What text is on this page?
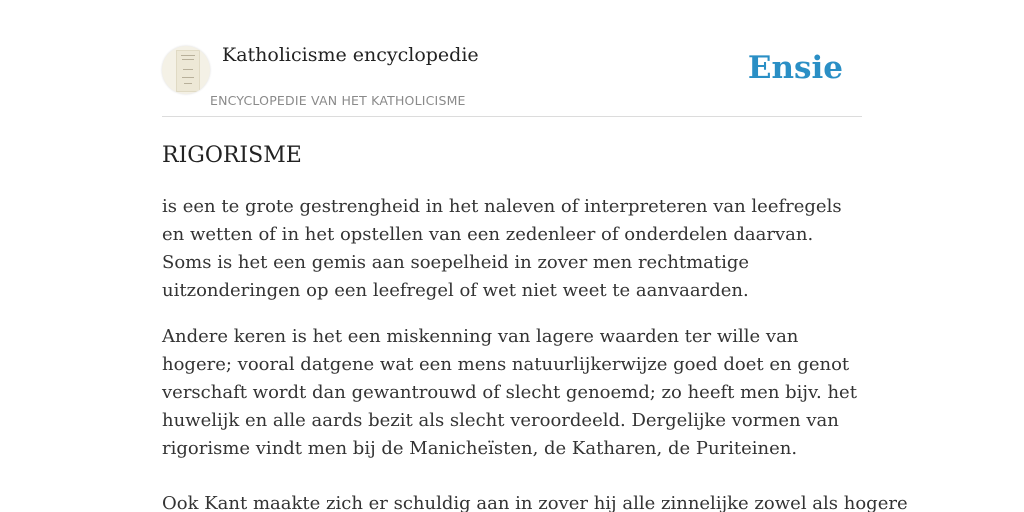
Katholicisme encyclopedie
ENCYCLOPEDIE VAN HET KATHOLICISME
Ensie
RIGORISME

is een te grote gestrengheid in het naleven of interpreteren van leefregels en wetten of in het opstellen van een zedenleer of onderdelen daarvan. Soms is het een gemis aan soepelheid in zover men rechtmatige uitzonderingen op een leefregel of wet niet weet te aanvaarden.

Andere keren is het een miskenning van lagere waarden ter wille van hogere; vooral datgene wat een mens natuurlijkerwijze goed doet en genot verschaft wordt dan gewantrouwd of slecht genoemd; zo heeft men bijv. het huwelijk en alle aards bezit als slecht veroordeeld. Dergelijke vormen van rigorisme vindt men bij de Manicheïsten, de Katharen, de Puriteinen.

Ook Kant maakte zich er schuldig aan in zover hij alle zinnelijke zowel als hogere
